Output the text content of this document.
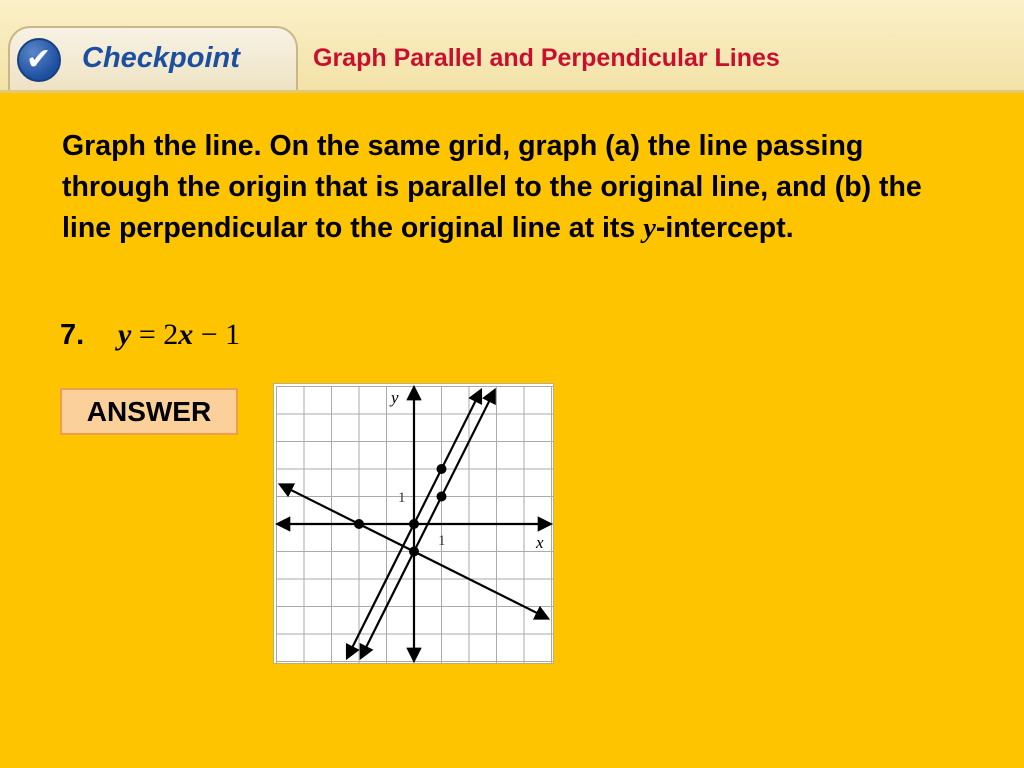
✔ Checkpoint	Graph Parallel and Perpendicular Lines
Graph the line. On the same grid, graph (a) the line passing through the origin that is parallel to the original line, and (b) the line perpendicular to the original line at its y-intercept.
7. y = 2x − 1
ANSWER
x
y
1
1
